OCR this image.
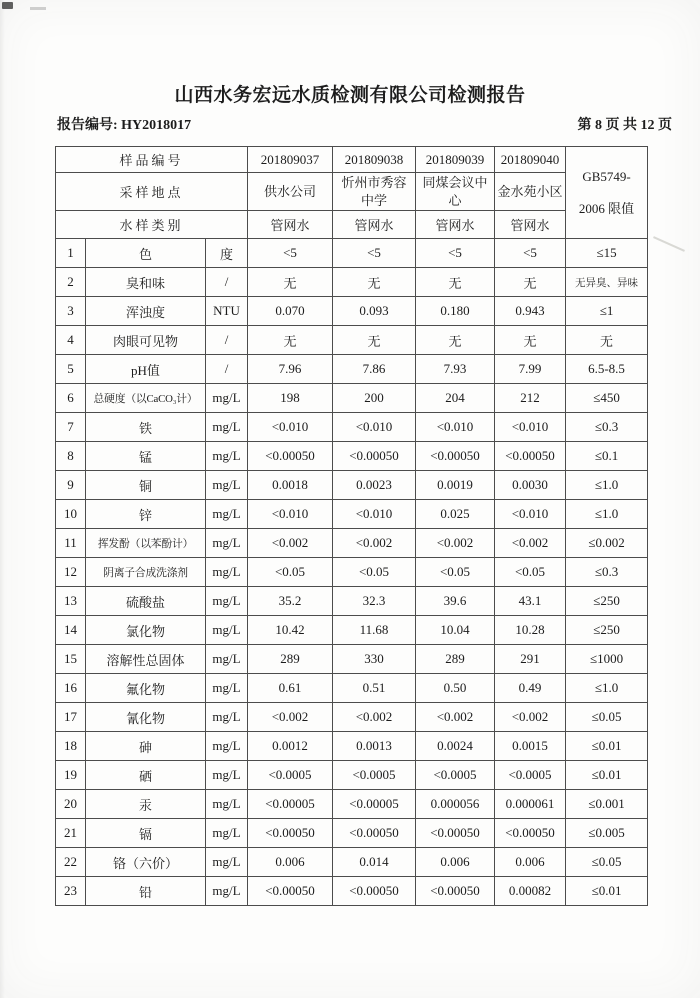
山西水务宏远水质检测有限公司检测报告
报告编号: HY2018017	第 8 页 共 12 页
样品编号			201809037	201809038	201809039	201809040	GB5749-
2006 限值

采样地点			供水公司	忻州市秀容中学	同煤会议中心	金水苑小区	

水样类别			管网水	管网水	管网水	管网水	
1	色	度	<5	<5	<5	<5	≤15
2	臭和味	/	无	无	无	无	无异臭、异味
3	浑浊度	NTU	0.070	0.093	0.180	0.943	≤1
4	肉眼可见物	/	无	无	无	无	无
5	pH值	/	7.96	7.86	7.93	7.99	6.5-8.5
6	总硬度（以CaCO₃计）	mg/L	198	200	204	212	≤450
7	铁	mg/L	<0.010	<0.010	<0.010	<0.010	≤0.3
8	锰	mg/L	<0.00050	<0.00050	<0.00050	<0.00050	≤0.1
9	铜	mg/L	0.0018	0.0023	0.0019	0.0030	≤1.0
10	锌	mg/L	<0.010	<0.010	0.025	<0.010	≤1.0
11	挥发酚（以苯酚计）	mg/L	<0.002	<0.002	<0.002	<0.002	≤0.002
12	阴离子合成洗涤剂	mg/L	<0.05	<0.05	<0.05	<0.05	≤0.3
13	硫酸盐	mg/L	35.2	32.3	39.6	43.1	≤250
14	氯化物	mg/L	10.42	11.68	10.04	10.28	≤250
15	溶解性总固体	mg/L	289	330	289	291	≤1000
16	氟化物	mg/L	0.61	0.51	0.50	0.49	≤1.0
17	氰化物	mg/L	<0.002	<0.002	<0.002	<0.002	≤0.05
18	砷	mg/L	0.0012	0.0013	0.0024	0.0015	≤0.01
19	硒	mg/L	<0.0005	<0.0005	<0.0005	<0.0005	≤0.01
20	汞	mg/L	<0.00005	<0.00005	0.000056	0.000061	≤0.001
21	镉	mg/L	<0.00050	<0.00050	<0.00050	<0.00050	≤0.005
22	铬（六价）	mg/L	0.006	0.014	0.006	0.006	≤0.05
23	铅	mg/L	<0.00050	<0.00050	<0.00050	0.00082	≤0.01
